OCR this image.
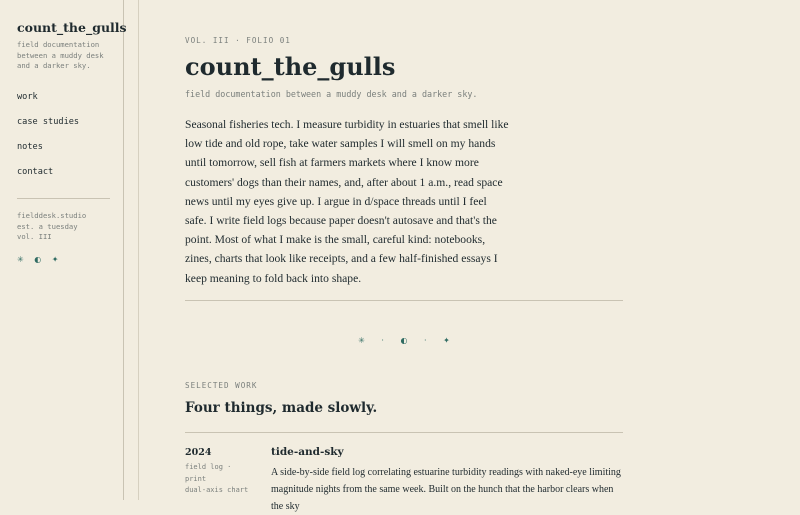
count_the_gulls
field documentation between a muddy desk and a darker sky.
work
case studies
notes
contact
fielddesk.studio
est. a tuesday
vol. III
✳ ◐ ✦
VOL. III · FOLIO 01
count_the_gulls
field documentation between a muddy desk and a darker sky.

Seasonal fisheries tech. I measure turbidity in estuaries that smell like low tide and old rope, take water samples I will smell on my hands until tomorrow, sell fish at farmers markets where I know more customers' dogs than their names, and, after about 1 a.m., read space news until my eyes give up. I argue in d/space threads until I feel safe. I write field logs because paper doesn't autosave and that's the point. Most of what I make is the small, careful kind: notebooks, zines, charts that look like receipts, and a few half-finished essays I keep meaning to fold back into shape.

✳ · ◐ · ✦
SELECTED WORK
Four things, made slowly.
2024
field log ·
print
dual-axis chart
tide-and-sky

A side-by-side field log correlating estuarine turbidity readings with naked-eye limiting magnitude nights from the same week. Built on the hunch that the harbor clears when the sky
